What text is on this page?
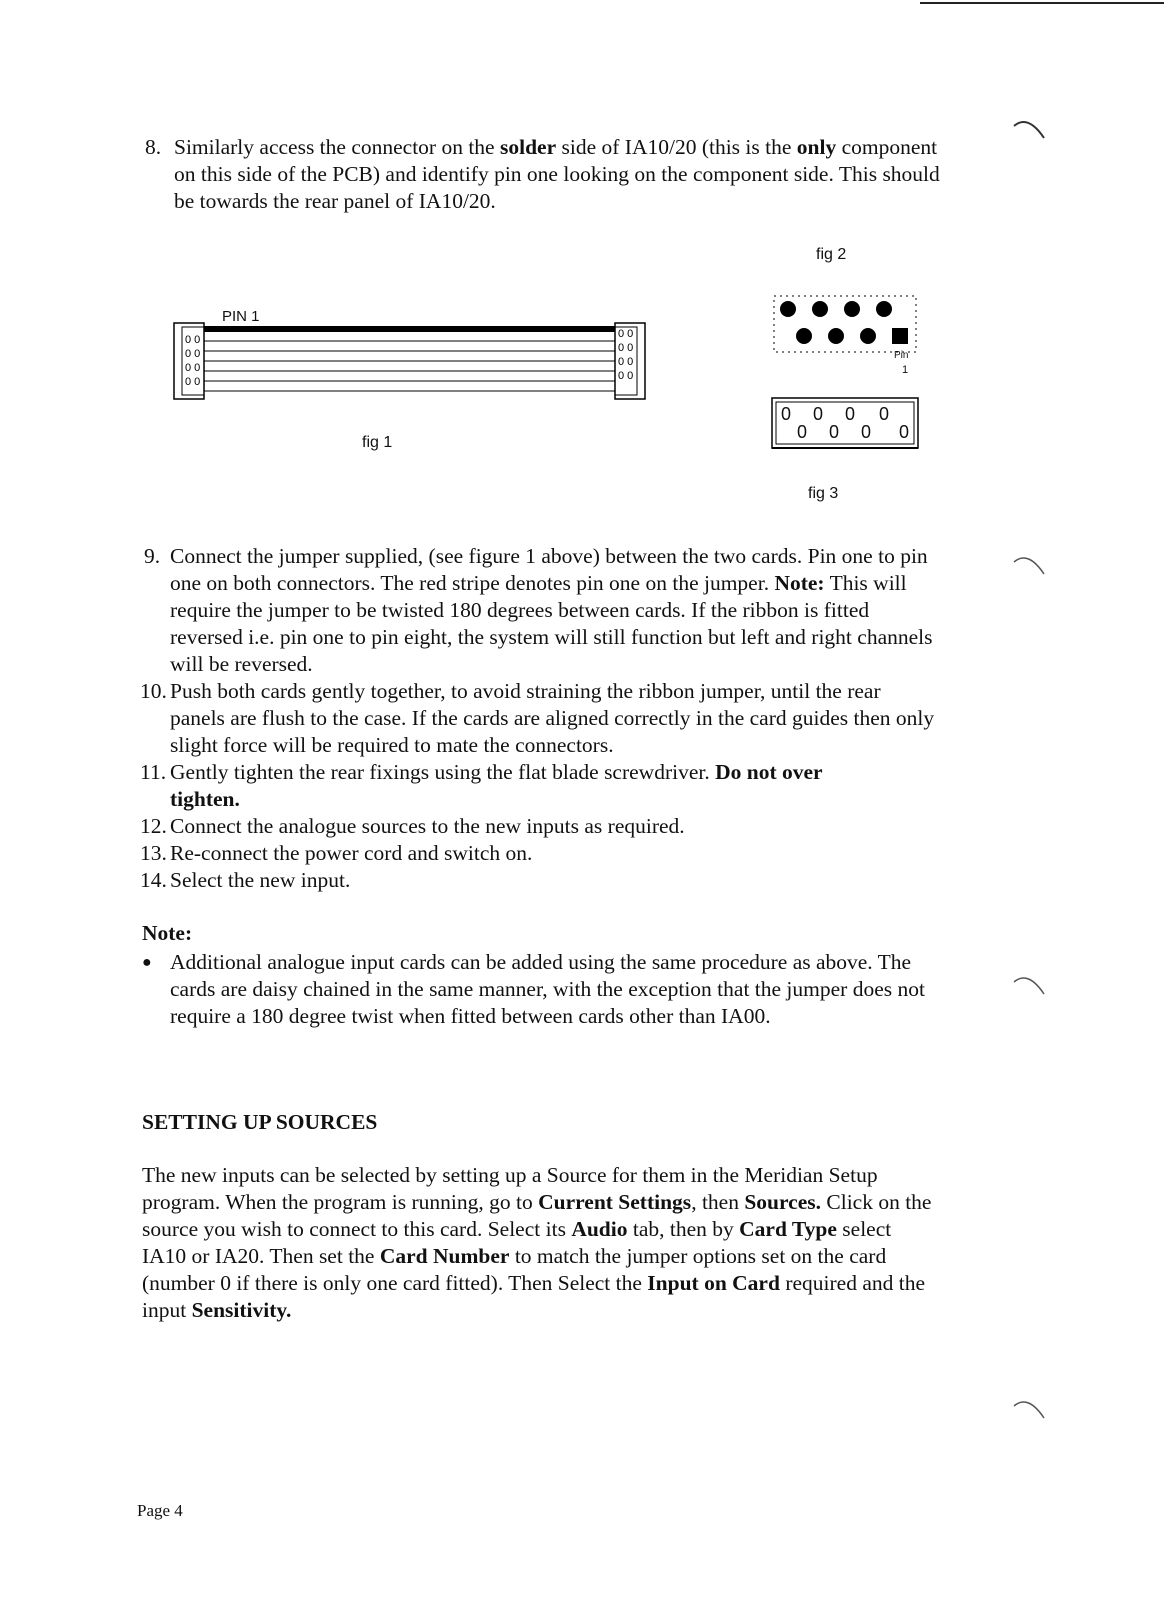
8. Similarly access the connector on the solder side of IA10/20 (this is the only component on this side of the PCB) and identify pin one looking on the component side. This should be towards the rear panel of IA10/20.
fig 2
0 0
0 0
0 0
0 0
0 0
0 0
0 0
0 0
PIN 1
fig 1
Pin
1
0
0
0
0
0
0
0
0
fig 3
9. Connect the jumper supplied, (see figure 1 above) between the two cards. Pin one to pin one on both connectors. The red stripe denotes pin one on the jumper. Note: This will require the jumper to be twisted 180 degrees between cards. If the ribbon is fitted reversed i.e. pin one to pin eight, the system will still function but left and right channels will be reversed.
10. Push both cards gently together, to avoid straining the ribbon jumper, until the rear panels are flush to the case. If the cards are aligned correctly in the card guides then only slight force will be required to mate the connectors.
11. Gently tighten the rear fixings using the flat blade screwdriver. Do not over tighten.
12. Connect the analogue sources to the new inputs as required.
13. Re-connect the power cord and switch on.
14. Select the new input.
Note:
● Additional analogue input cards can be added using the same procedure as above. The cards are daisy chained in the same manner, with the exception that the jumper does not require a 180 degree twist when fitted between cards other than IA00.
SETTING UP SOURCES
The new inputs can be selected by setting up a Source for them in the Meridian Setup program. When the program is running, go to Current Settings, then Sources. Click on the source you wish to connect to this card. Select its Audio tab, then by Card Type select IA10 or IA20. Then set the Card Number to match the jumper options set on the card (number 0 if there is only one card fitted). Then Select the Input on Card required and the input Sensitivity.
Page 4
